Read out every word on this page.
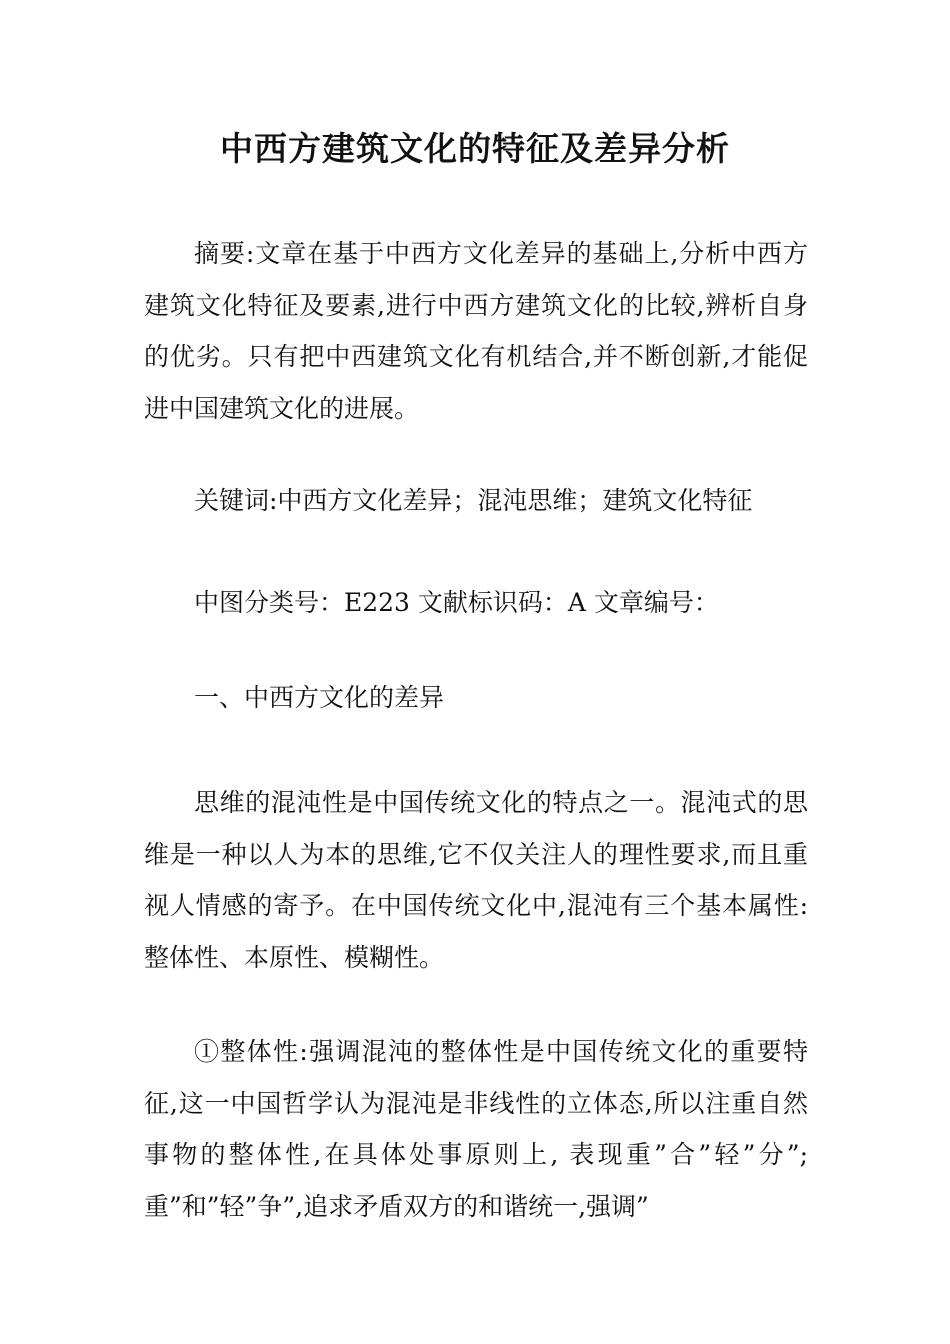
中西方建筑文化的特征及差异分析

摘要:文章在基于中西方文化差异的基础上,分析中西方建筑文化特征及要素,进行中西方建筑文化的比较,辨析自身的优劣。只有把中西建筑文化有机结合,并不断创新,才能促进中国建筑文化的进展。

关键词:中西方文化差异；混沌思维；建筑文化特征

中图分类号：E223 文献标识码：A 文章编号：

一、中西方文化的差异

思维的混沌性是中国传统文化的特点之一。混沌式的思维是一种以人为本的思维,它不仅关注人的理性要求,而且重视人情感的寄予。在中国传统文化中,混沌有三个基本属性:整体性、本原性、模糊性。

①整体性:强调混沌的整体性是中国传统文化的重要特征,这一中国哲学认为混沌是非线性的立体态,所以注重自然事物的整体性,在具体处事原则上, 表现重”合”轻”分”;重”和”轻”争”,追求矛盾双方的和谐统一,强调”
